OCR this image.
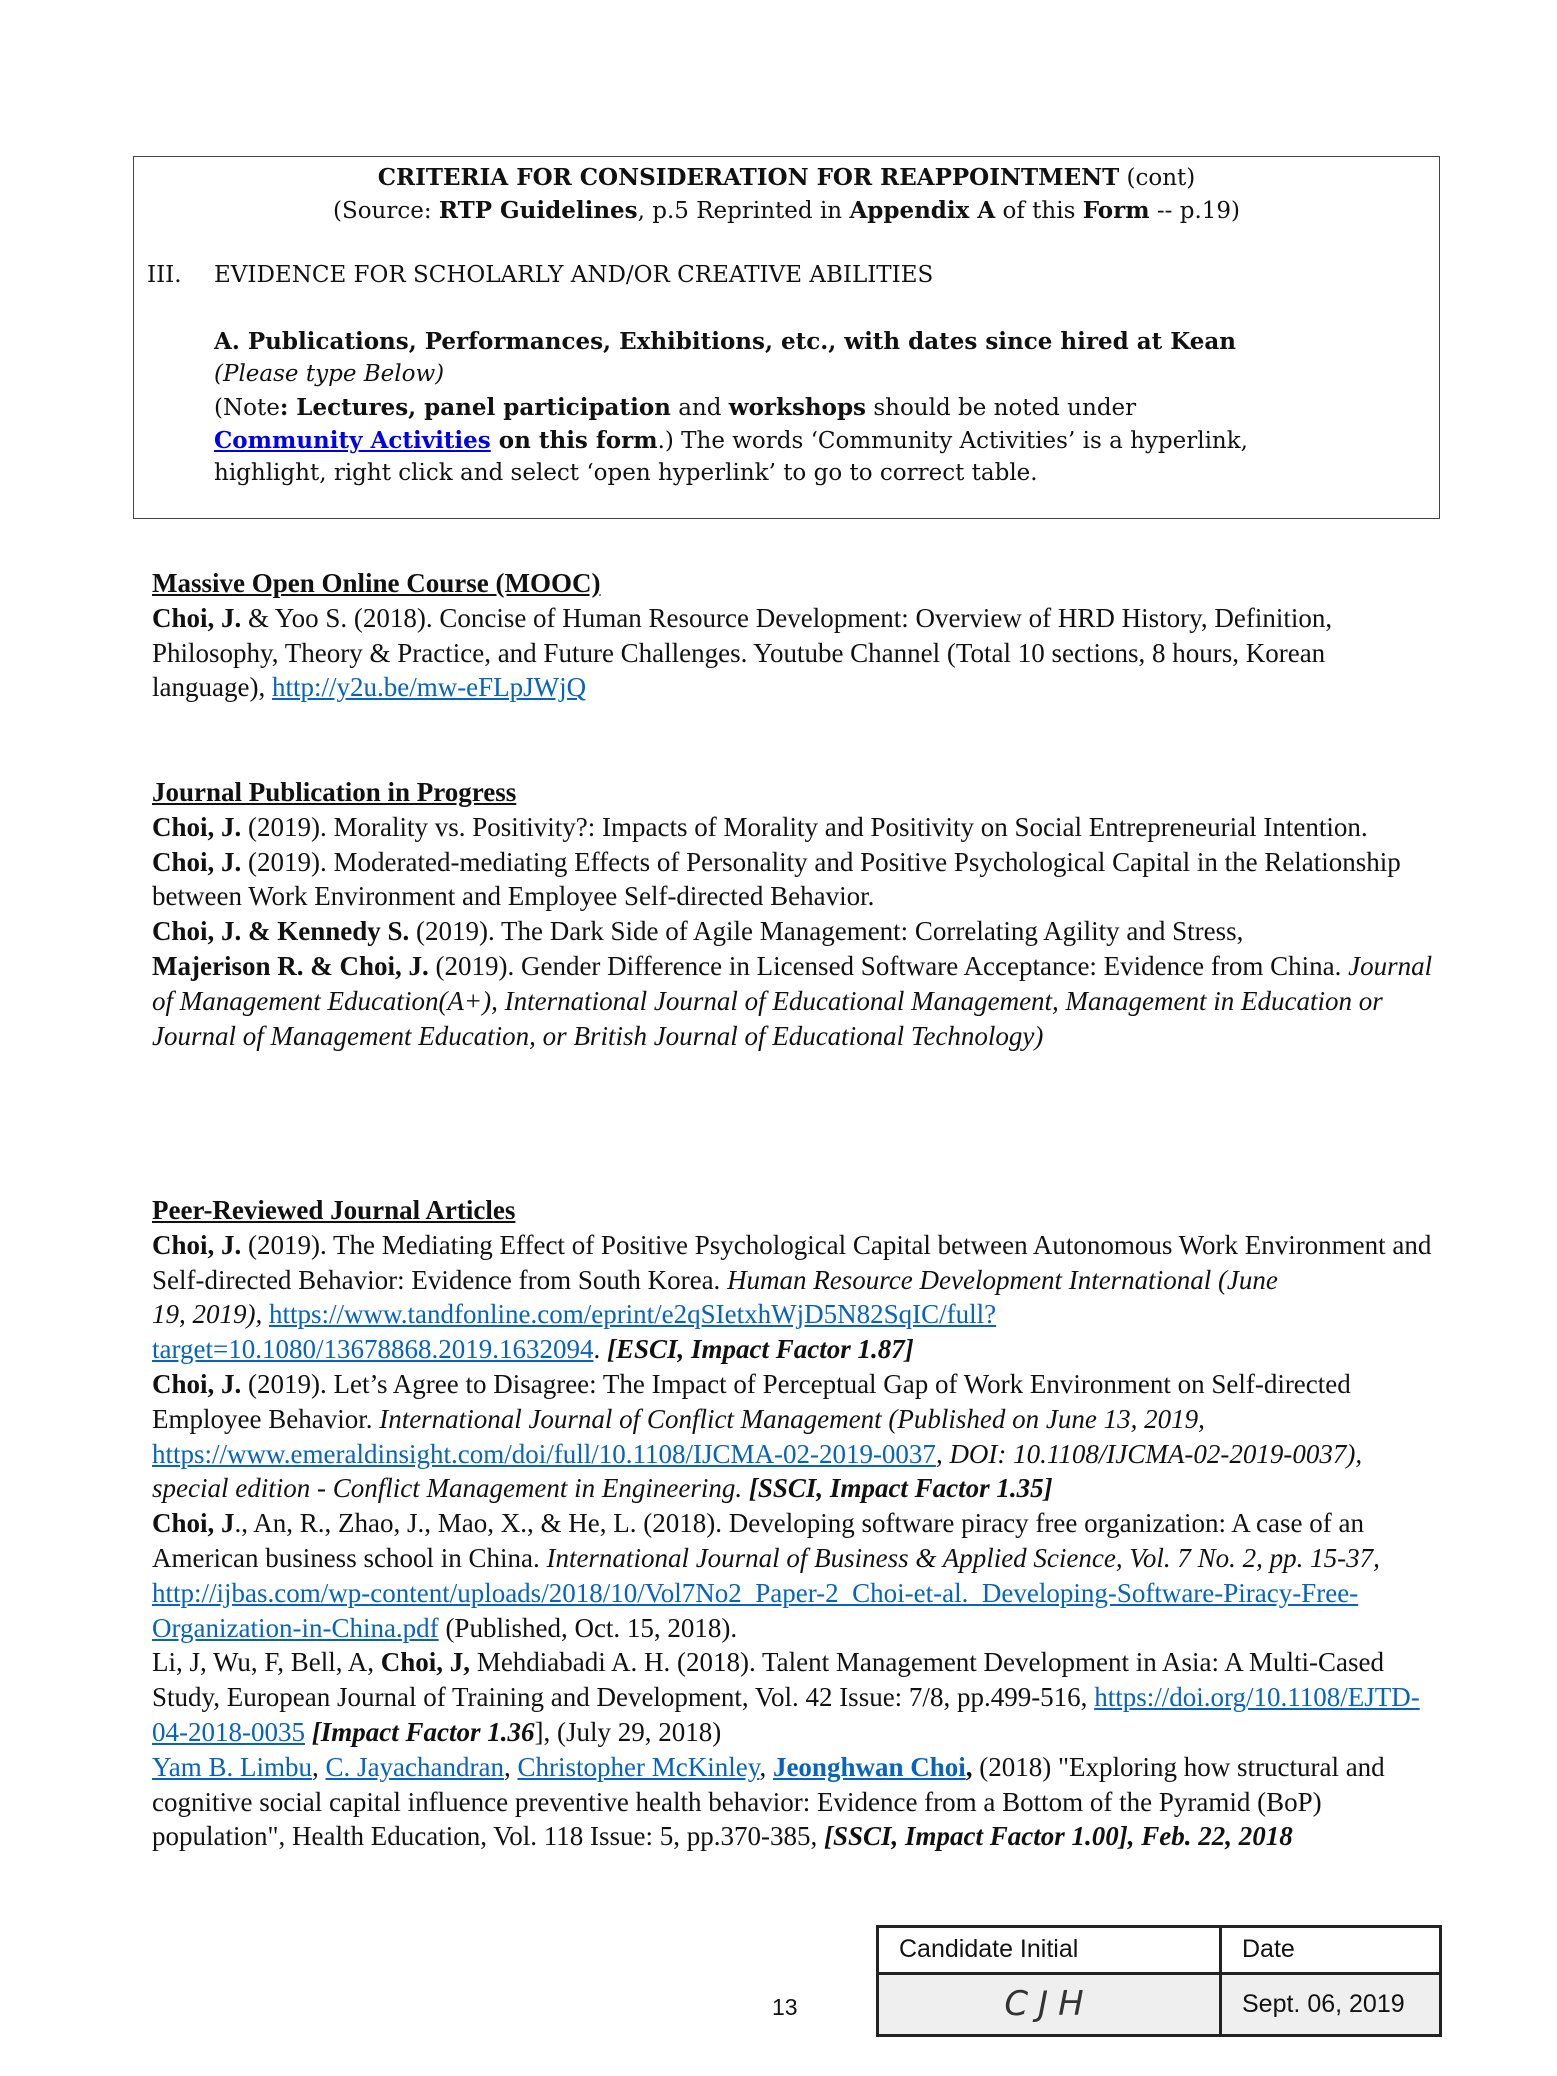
CRITERIA FOR CONSIDERATION FOR REAPPOINTMENT (cont)
(Source: RTP Guidelines, p.5 Reprinted in Appendix A of this Form -- p.19)
III. EVIDENCE FOR SCHOLARLY AND/OR CREATIVE ABILITIES
A. Publications, Performances, Exhibitions, etc., with dates since hired at Kean
(Please type Below)
(Note: Lectures, panel participation and workshops should be noted under
Community Activities on this form.) The words ‘Community Activities’ is a hyperlink,
highlight, right click and select ‘open hyperlink’ to go to correct table.
Massive Open Online Course (MOOC)

Choi, J. & Yoo S. (2018). Concise of Human Resource Development: Overview of HRD History, Definition, Philosophy, Theory & Practice, and Future Challenges. Youtube Channel (Total 10 sections, 8 hours, Korean language), http://y2u.be/mw-eFLpJWjQ

Journal Publication in Progress

Choi, J. (2019). Morality vs. Positivity?: Impacts of Morality and Positivity on Social Entrepreneurial Intention.

Choi, J. (2019). Moderated-mediating Effects of Personality and Positive Psychological Capital in the Relationship between Work Environment and Employee Self-directed Behavior.

Choi, J. & Kennedy S. (2019). The Dark Side of Agile Management: Correlating Agility and Stress,

Majerison R. & Choi, J. (2019). Gender Difference in Licensed Software Acceptance: Evidence from China. Journal of Management Education(A+), International Journal of Educational Management, Management in Education or Journal of Management Education, or British Journal of Educational Technology)

Peer-Reviewed Journal Articles

Choi, J. (2019). The Mediating Effect of Positive Psychological Capital between Autonomous Work Environment and Self-directed Behavior: Evidence from South Korea. Human Resource Development International (June
19, 2019), https://www.tandfonline.com/eprint/e2qSIetxhWjD5N82SqIC/full?target=10.1080/13678868.2019.1632094. [ESCI, Impact Factor 1.87]

Choi, J. (2019). Let’s Agree to Disagree: The Impact of Perceptual Gap of Work Environment on Self-directed Employee Behavior. International Journal of Conflict Management (Published on June 13, 2019, https://www.emeraldinsight.com/doi/full/10.1108/IJCMA-02-2019-0037, DOI: 10.1108/IJCMA-02-2019-0037), special edition - Conflict Management in Engineering. [SSCI, Impact Factor 1.35]

Choi, J., An, R., Zhao, J., Mao, X., & He, L. (2018). Developing software piracy free organization: A case of an American business school in China. International Journal of Business & Applied Science, Vol. 7 No. 2, pp. 15-37, http://ijbas.com/wp-content/uploads/2018/10/Vol7No2_Paper-2_Choi-et-al._Developing-Software-Piracy-Free-Organization-in-China.pdf (Published, Oct. 15, 2018).

Li, J, Wu, F, Bell, A, Choi, J, Mehdiabadi A. H. (2018). Talent Management Development in Asia: A Multi-Cased Study, European Journal of Training and Development, Vol. 42 Issue: 7/8, pp.499-516, https://doi.org/10.1108/EJTD-04-2018-0035 [Impact Factor 1.36], (July 29, 2018)

Yam B. Limbu, C. Jayachandran, Christopher McKinley, Jeonghwan Choi, (2018) "Exploring how structural and cognitive social capital influence preventive health behavior: Evidence from a Bottom of the Pyramid (BoP) population", Health Education, Vol. 118 Issue: 5, pp.370-385, [SSCI, Impact Factor 1.00], Feb. 22, 2018

13
Candidate Initial	Date

CJH	Sept. 06, 2019
